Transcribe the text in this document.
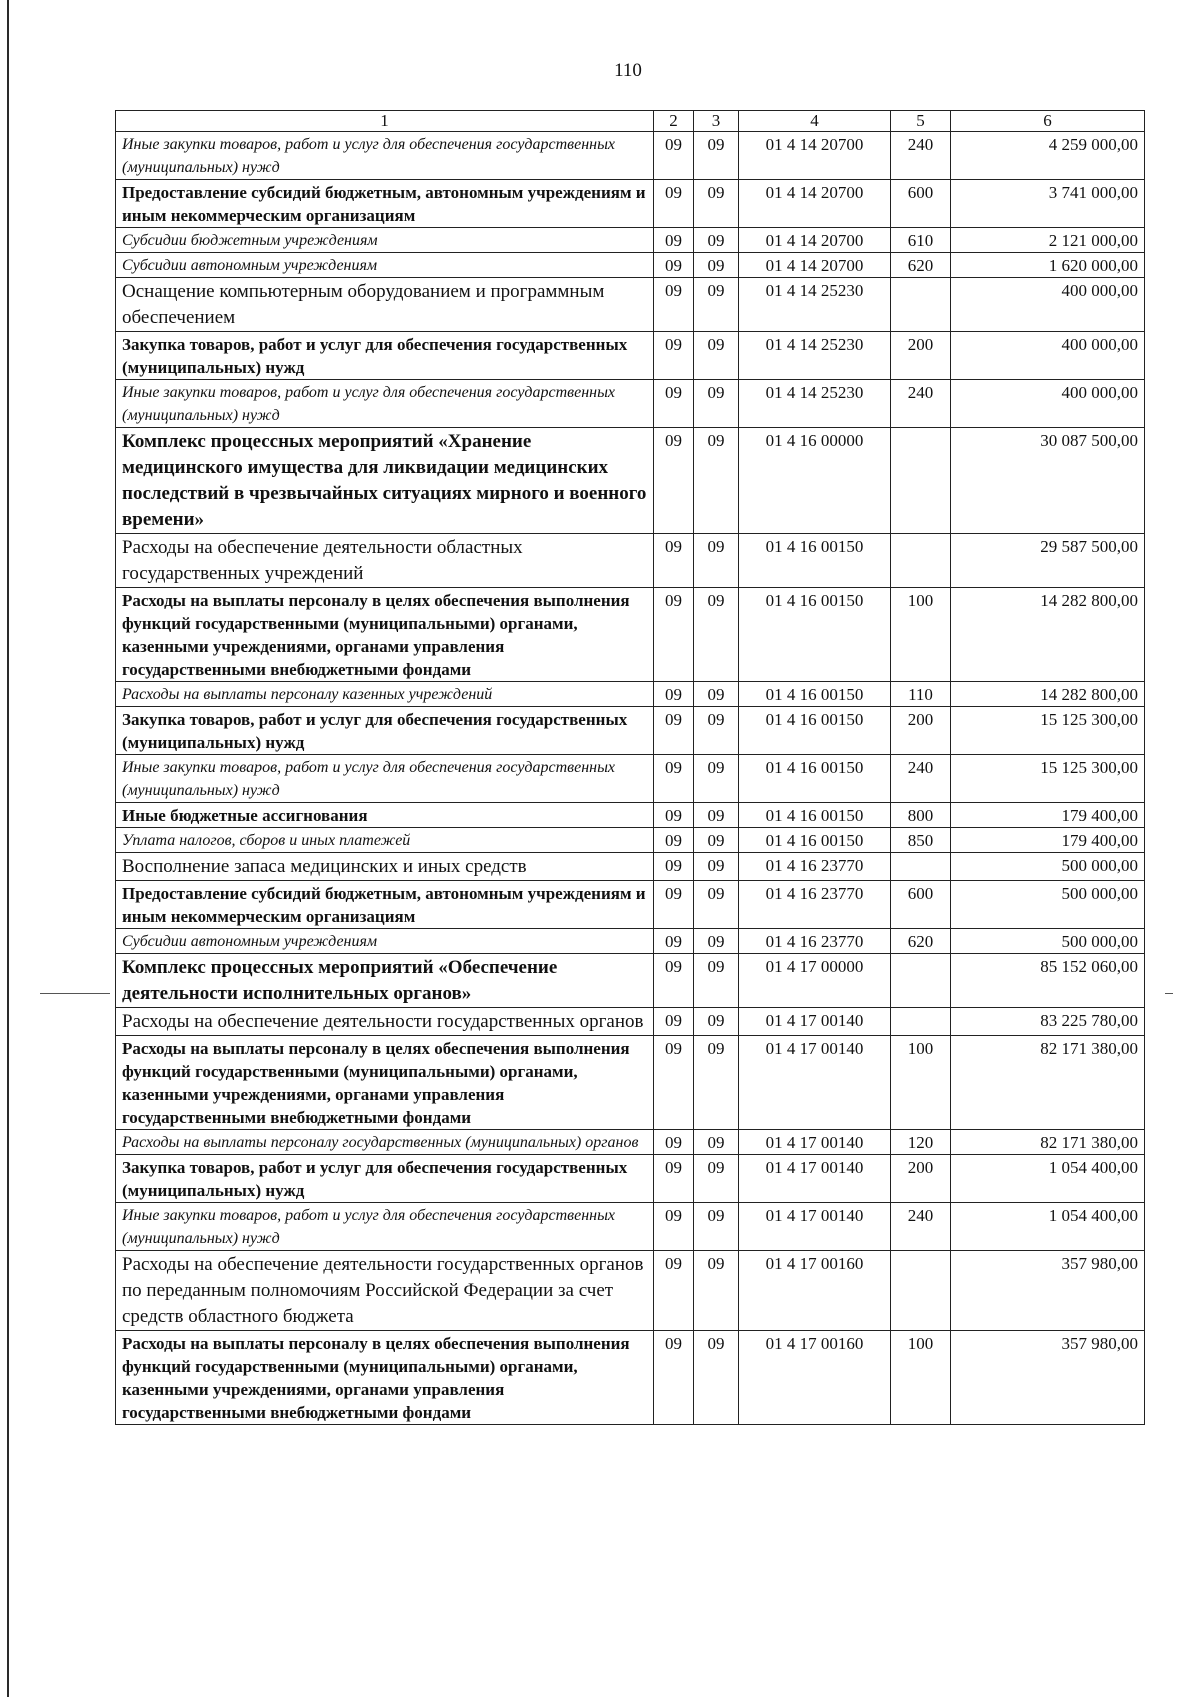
110
1	2	3	4	5	6
Иные закупки товаров, работ и услуг для обеспечения государственных (муниципальных) нужд	09	09	01 4 14 20700	240	4 259 000,00
Предоставление субсидий бюджетным, автономным учреждениям и иным некоммерческим организациям	09	09	01 4 14 20700	600	3 741 000,00
Субсидии бюджетным учреждениям	09	09	01 4 14 20700	610	2 121 000,00
Субсидии автономным учреждениям	09	09	01 4 14 20700	620	1 620 000,00
Оснащение компьютерным оборудованием и программным обеспечением	09	09	01 4 14 25230		400 000,00
Закупка товаров, работ и услуг для обеспечения государственных (муниципальных) нужд	09	09	01 4 14 25230	200	400 000,00
Иные закупки товаров, работ и услуг для обеспечения государственных (муниципальных) нужд	09	09	01 4 14 25230	240	400 000,00
Комплекс процессных мероприятий «Хранение медицинского имущества для ликвидации медицинских последствий в чрезвычайных ситуациях мирного и военного времени»	09	09	01 4 16 00000		30 087 500,00
Расходы на обеспечение деятельности областных государственных учреждений	09	09	01 4 16 00150		29 587 500,00
Расходы на выплаты персоналу в целях обеспечения выполнения функций государственными (муниципальными) органами, казенными учреждениями, органами управления государственными внебюджетными фондами	09	09	01 4 16 00150	100	14 282 800,00
Расходы на выплаты персоналу казенных учреждений	09	09	01 4 16 00150	110	14 282 800,00
Закупка товаров, работ и услуг для обеспечения государственных (муниципальных) нужд	09	09	01 4 16 00150	200	15 125 300,00
Иные закупки товаров, работ и услуг для обеспечения государственных (муниципальных) нужд	09	09	01 4 16 00150	240	15 125 300,00
Иные бюджетные ассигнования	09	09	01 4 16 00150	800	179 400,00
Уплата налогов, сборов и иных платежей	09	09	01 4 16 00150	850	179 400,00
Восполнение запаса медицинских и иных средств	09	09	01 4 16 23770		500 000,00
Предоставление субсидий бюджетным, автономным учреждениям и иным некоммерческим организациям	09	09	01 4 16 23770	600	500 000,00
Субсидии автономным учреждениям	09	09	01 4 16 23770	620	500 000,00
Комплекс процессных мероприятий «Обеспечение деятельности исполнительных органов»	09	09	01 4 17 00000		85 152 060,00
Расходы на обеспечение деятельности государственных органов	09	09	01 4 17 00140		83 225 780,00
Расходы на выплаты персоналу в целях обеспечения выполнения функций государственными (муниципальными) органами, казенными учреждениями, органами управления государственными внебюджетными фондами	09	09	01 4 17 00140	100	82 171 380,00
Расходы на выплаты персоналу государственных (муниципальных) органов	09	09	01 4 17 00140	120	82 171 380,00
Закупка товаров, работ и услуг для обеспечения государственных (муниципальных) нужд	09	09	01 4 17 00140	200	1 054 400,00
Иные закупки товаров, работ и услуг для обеспечения государственных (муниципальных) нужд	09	09	01 4 17 00140	240	1 054 400,00
Расходы на обеспечение деятельности государственных органов по переданным полномочиям Российской Федерации за счет средств областного бюджета	09	09	01 4 17 00160		357 980,00
Расходы на выплаты персоналу в целях обеспечения выполнения функций государственными (муниципальными) органами, казенными учреждениями, органами управления государственными внебюджетными фондами	09	09	01 4 17 00160	100	357 980,00
